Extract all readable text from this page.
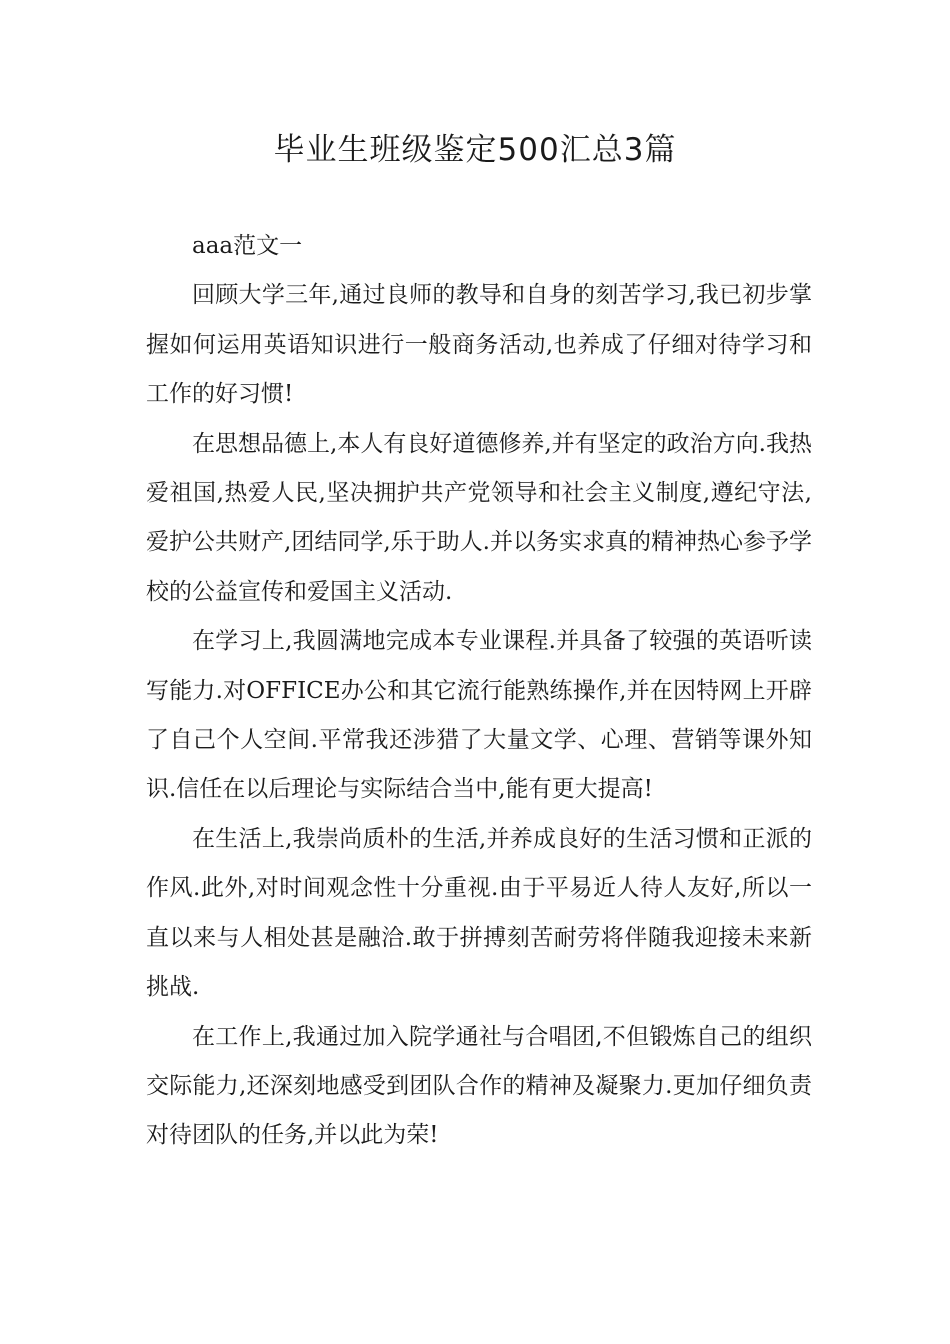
毕业生班级鉴定500汇总3篇

aaa范文一

回顾大学三年,通过良师的教导和自身的刻苦学习,我已初步掌握如何运用英语知识进行一般商务活动,也养成了仔细对待学习和工作的好习惯!

在思想品德上,本人有良好道德修养,并有坚定的政治方向.我热爱祖国,热爱人民,坚决拥护共产党领导和社会主义制度,遵纪守法,爱护公共财产,团结同学,乐于助人.并以务实求真的精神热心参予学校的公益宣传和爱国主义活动.

在学习上,我圆满地完成本专业课程.并具备了较强的英语听读写能力.对OFFICE办公和其它流行能熟练操作,并在因特网上开辟了自己个人空间.平常我还涉猎了大量文学、心理、营销等课外知识.信任在以后理论与实际结合当中,能有更大提高!

在生活上,我崇尚质朴的生活,并养成良好的生活习惯和正派的作风.此外,对时间观念性十分重视.由于平易近人待人友好,所以一直以来与人相处甚是融洽.敢于拼搏刻苦耐劳将伴随我迎接未来新挑战.

在工作上,我通过加入院学通社与合唱团,不但锻炼自己的组织交际能力,还深刻地感受到团队合作的精神及凝聚力.更加仔细负责对待团队的任务,并以此为荣!
